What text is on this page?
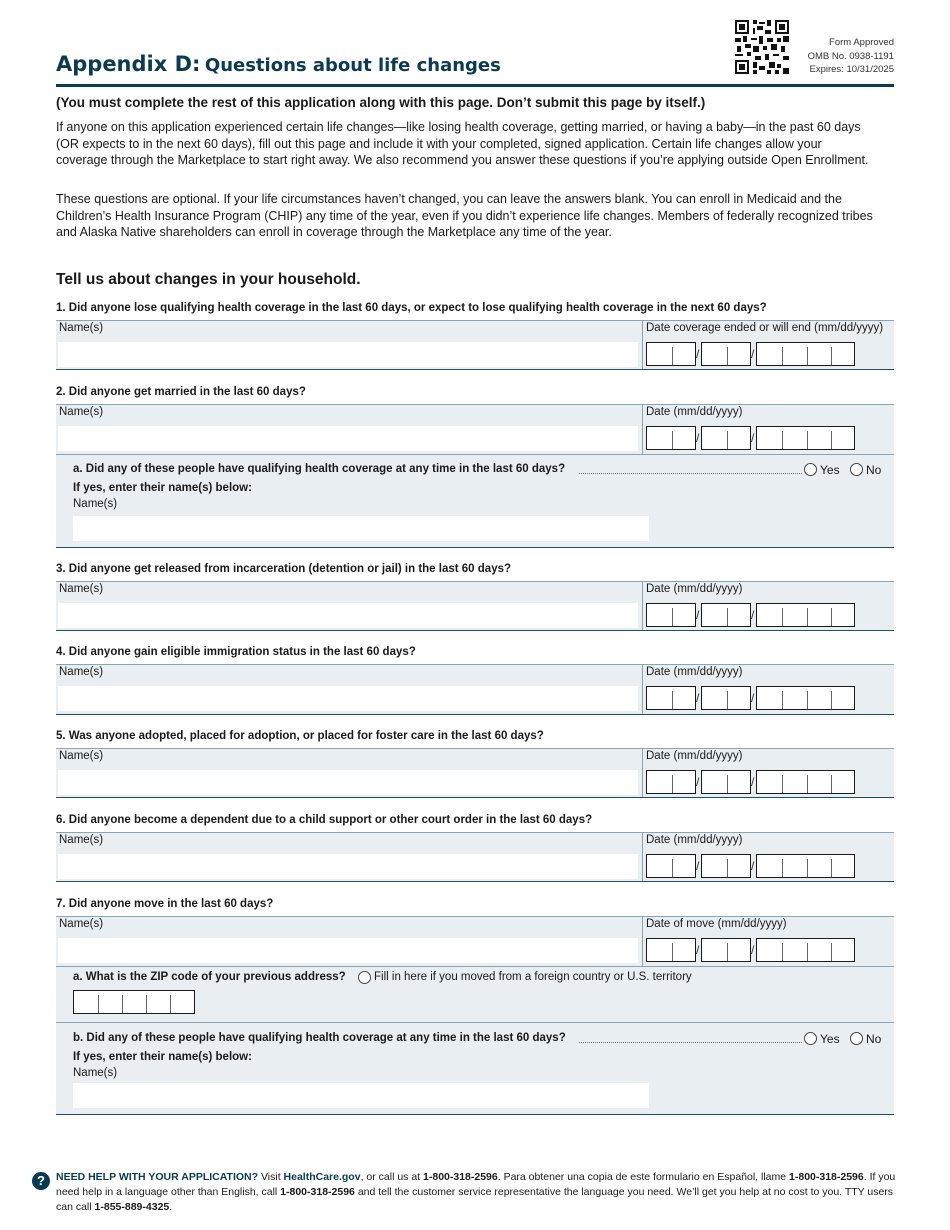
Appendix D: Questions about life changes
Form Approved
OMB No. 0938-1191
Expires: 10/31/2025
(You must complete the rest of this application along with this page. Don’t submit this page by itself.)
If anyone on this application experienced certain life changes—like losing health coverage, getting married, or having a baby—in the past 60 days (OR expects to in the next 60 days), fill out this page and include it with your completed, signed application. Certain life changes allow your coverage through the Marketplace to start right away. We also recommend you answer these questions if you’re applying outside Open Enrollment.
These questions are optional. If your life circumstances haven’t changed, you can leave the answers blank. You can enroll in Medicaid and the Children’s Health Insurance Program (CHIP) any time of the year, even if you didn’t experience life changes. Members of federally recognized tribes and Alaska Native shareholders can enroll in coverage through the Marketplace any time of the year.
Tell us about changes in your household.
1. Did anyone lose qualifying health coverage in the last 60 days, or expect to lose qualifying health coverage in the next 60 days?
Name(s)	Date coverage ended or will end (mm/dd/yyyy)
/	/
2. Did anyone get married in the last 60 days?
Name(s)	Date (mm/dd/yyyy)
/	/
a. Did any of these people have qualifying health coverage at any time in the last 60 days?	Yes No
If yes, enter their name(s) below:
Name(s)
3. Did anyone get released from incarceration (detention or jail) in the last 60 days?
Name(s)	Date (mm/dd/yyyy)
/	/
4. Did anyone gain eligible immigration status in the last 60 days?
Name(s)	Date (mm/dd/yyyy)
/	/
5. Was anyone adopted, placed for adoption, or placed for foster care in the last 60 days?
Name(s)	Date (mm/dd/yyyy)
/	/
6. Did anyone become a dependent due to a child support or other court order in the last 60 days?
Name(s)	Date (mm/dd/yyyy)
/	/
7. Did anyone move in the last 60 days?
Name(s)	Date of move (mm/dd/yyyy)
/	/
a. What is the ZIP code of your previous address? Fill in here if you moved from a foreign country or U.S. territory
b. Did any of these people have qualifying health coverage at any time in the last 60 days?	Yes No
If yes, enter their name(s) below:
Name(s)
?	NEED HELP WITH YOUR APPLICATION? Visit HealthCare.gov, or call us at 1-800-318-2596. Para obtener una copia de este formulario en Español, llame 1-800-318-2596. If you need help in a language other than English, call 1-800-318-2596 and tell the customer service representative the language you need. We’ll get you help at no cost to you. TTY users can call 1-855-889-4325.
